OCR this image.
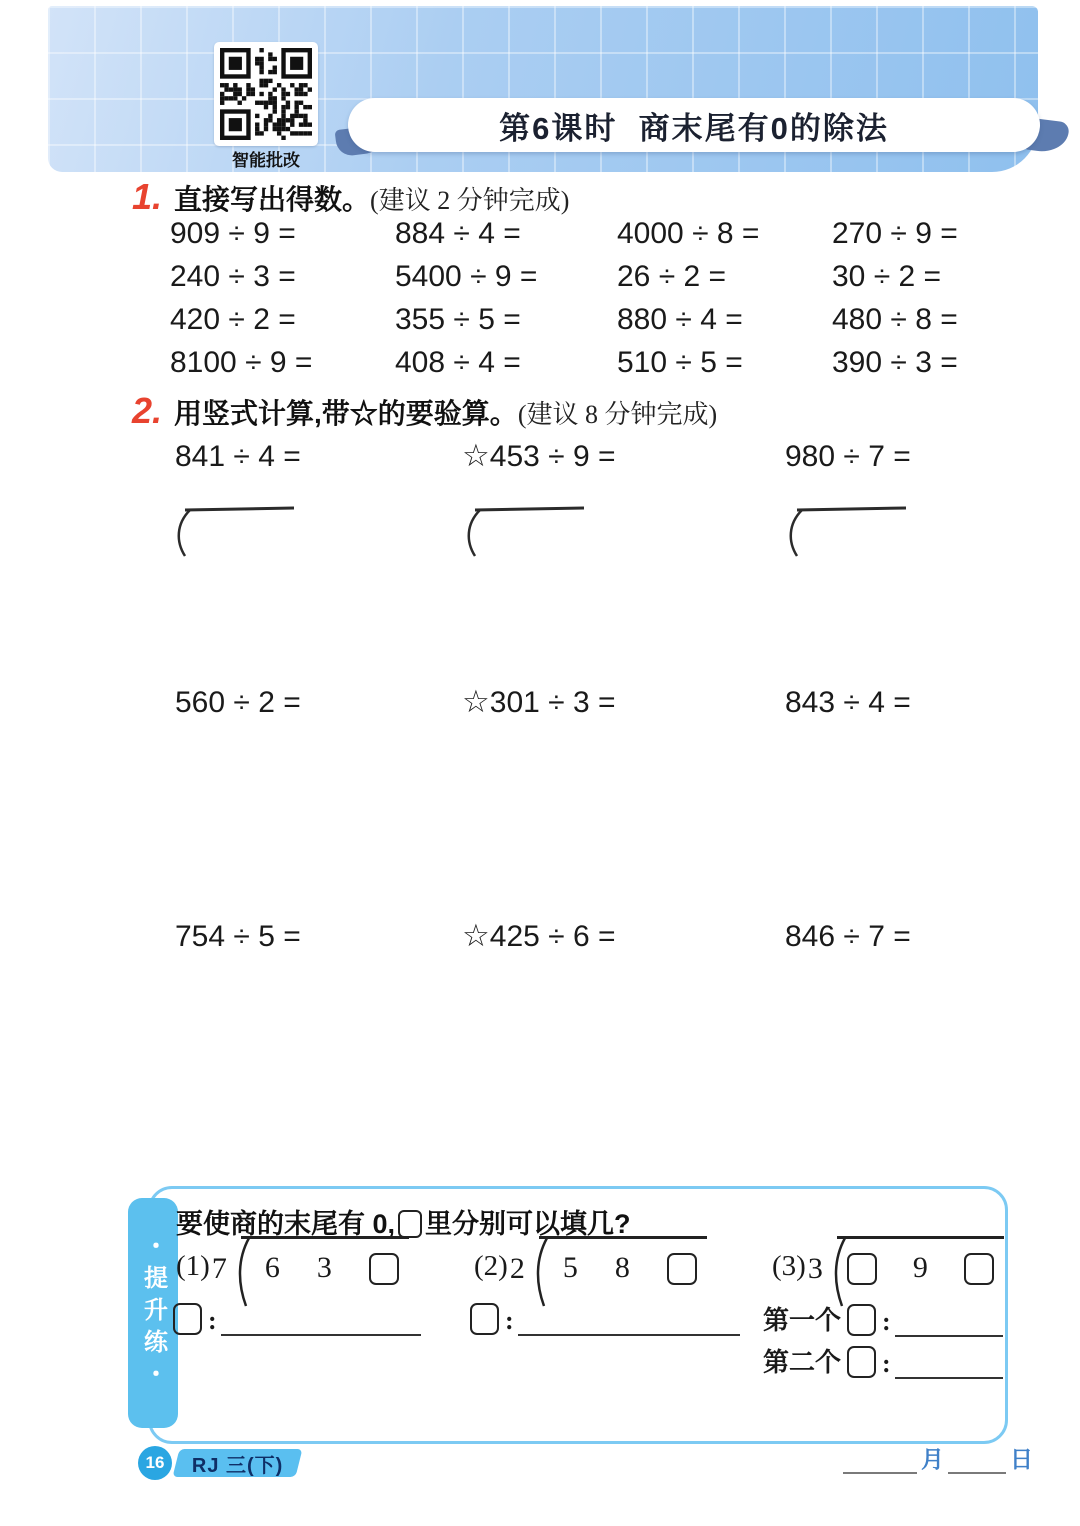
智能批改
第6课时  商末尾有0的除法
1. 直接写出得数。 (建议 2 分钟完成)
909 ÷ 9 =	884 ÷ 4 =	4000 ÷ 8 =	270 ÷ 9 =
240 ÷ 3 =	5400 ÷ 9 =	26 ÷ 2 =	30 ÷ 2 =
420 ÷ 2 =	355 ÷ 5 =	880 ÷ 4 =	480 ÷ 8 =
8100 ÷ 9 =	408 ÷ 4 =	510 ÷ 5 =	390 ÷ 3 =
2. 用竖式计算,带☆的要验算。 (建议 8 分钟完成)
841 ÷ 4 =	☆453 ÷ 9 =	980 ÷ 7 =
560 ÷ 2 =	☆301 ÷ 3 =	843 ÷ 4 =
754 ÷ 5 =	☆425 ÷ 6 =	846 ÷ 7 =
・提升练・
要使商的末尾有 0, 里分别可以填几?
(1) 7 6 3	(2) 2 5 8	(3) 3	9
:	:	第一个 :
第二个 :
16	RJ 三(下)	月	日
